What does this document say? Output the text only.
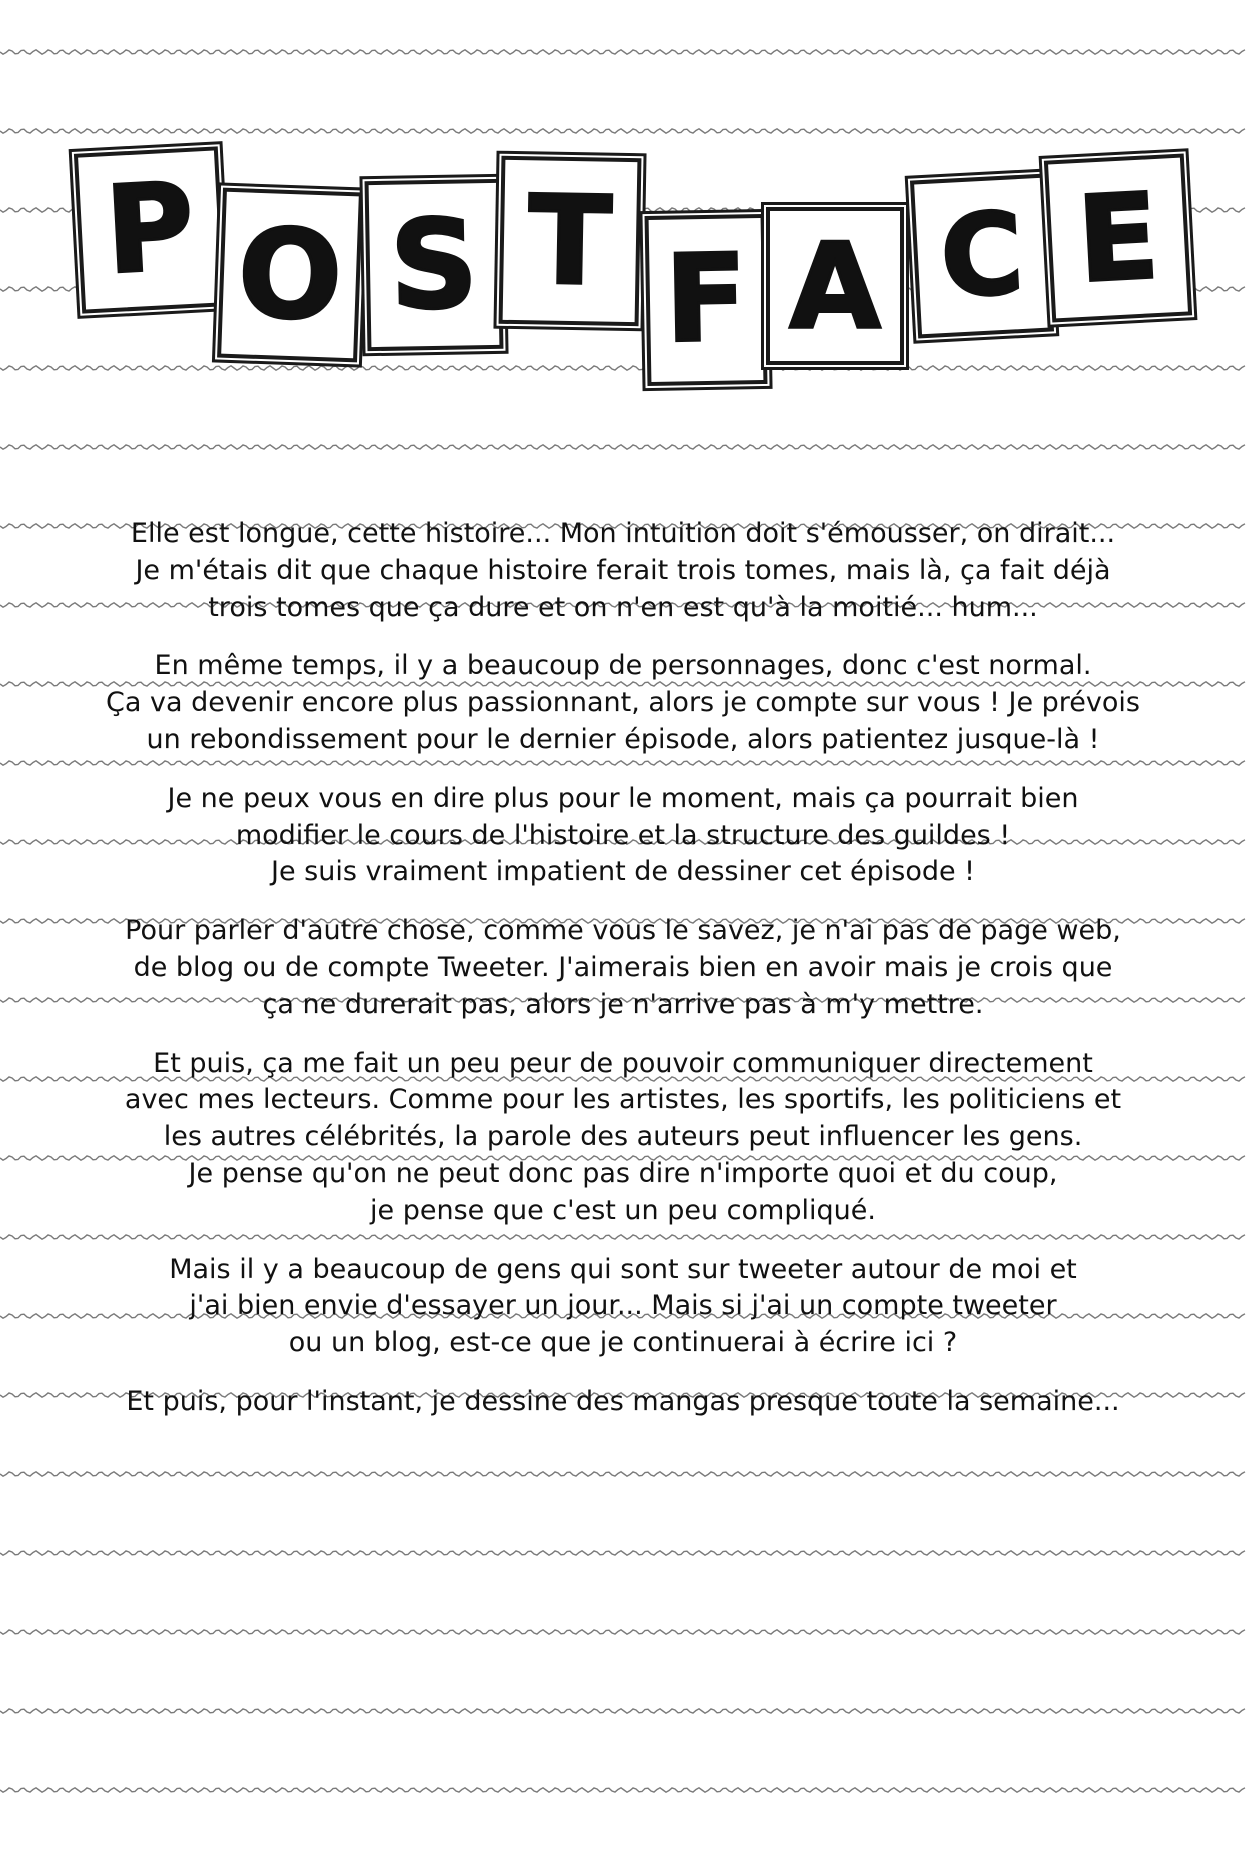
P O S T F A C E

Elle est longue, cette histoire... Mon intuition doit s'émousser, on dirait...
Je m'étais dit que chaque histoire ferait trois tomes, mais là, ça fait déjà
trois tomes que ça dure et on n'en est qu'à la moitié... hum...

En même temps, il y a beaucoup de personnages, donc c'est normal.
Ça va devenir encore plus passionnant, alors je compte sur vous ! Je prévois
un rebondissement pour le dernier épisode, alors patientez jusque-là !

Je ne peux vous en dire plus pour le moment, mais ça pourrait bien
modifier le cours de l'histoire et la structure des guildes !
Je suis vraiment impatient de dessiner cet épisode !

Pour parler d'autre chose, comme vous le savez, je n'ai pas de page web,
de blog ou de compte Tweeter. J'aimerais bien en avoir mais je crois que
ça ne durerait pas, alors je n'arrive pas à m'y mettre.

Et puis, ça me fait un peu peur de pouvoir communiquer directement
avec mes lecteurs. Comme pour les artistes, les sportifs, les politiciens et
les autres célébrités, la parole des auteurs peut influencer les gens.
Je pense qu'on ne peut donc pas dire n'importe quoi et du coup,
je pense que c'est un peu compliqué.

Mais il y a beaucoup de gens qui sont sur tweeter autour de moi et
j'ai bien envie d'essayer un jour... Mais si j'ai un compte tweeter
ou un blog, est-ce que je continuerai à écrire ici ?

Et puis, pour l'instant, je dessine des mangas presque toute la semaine...
